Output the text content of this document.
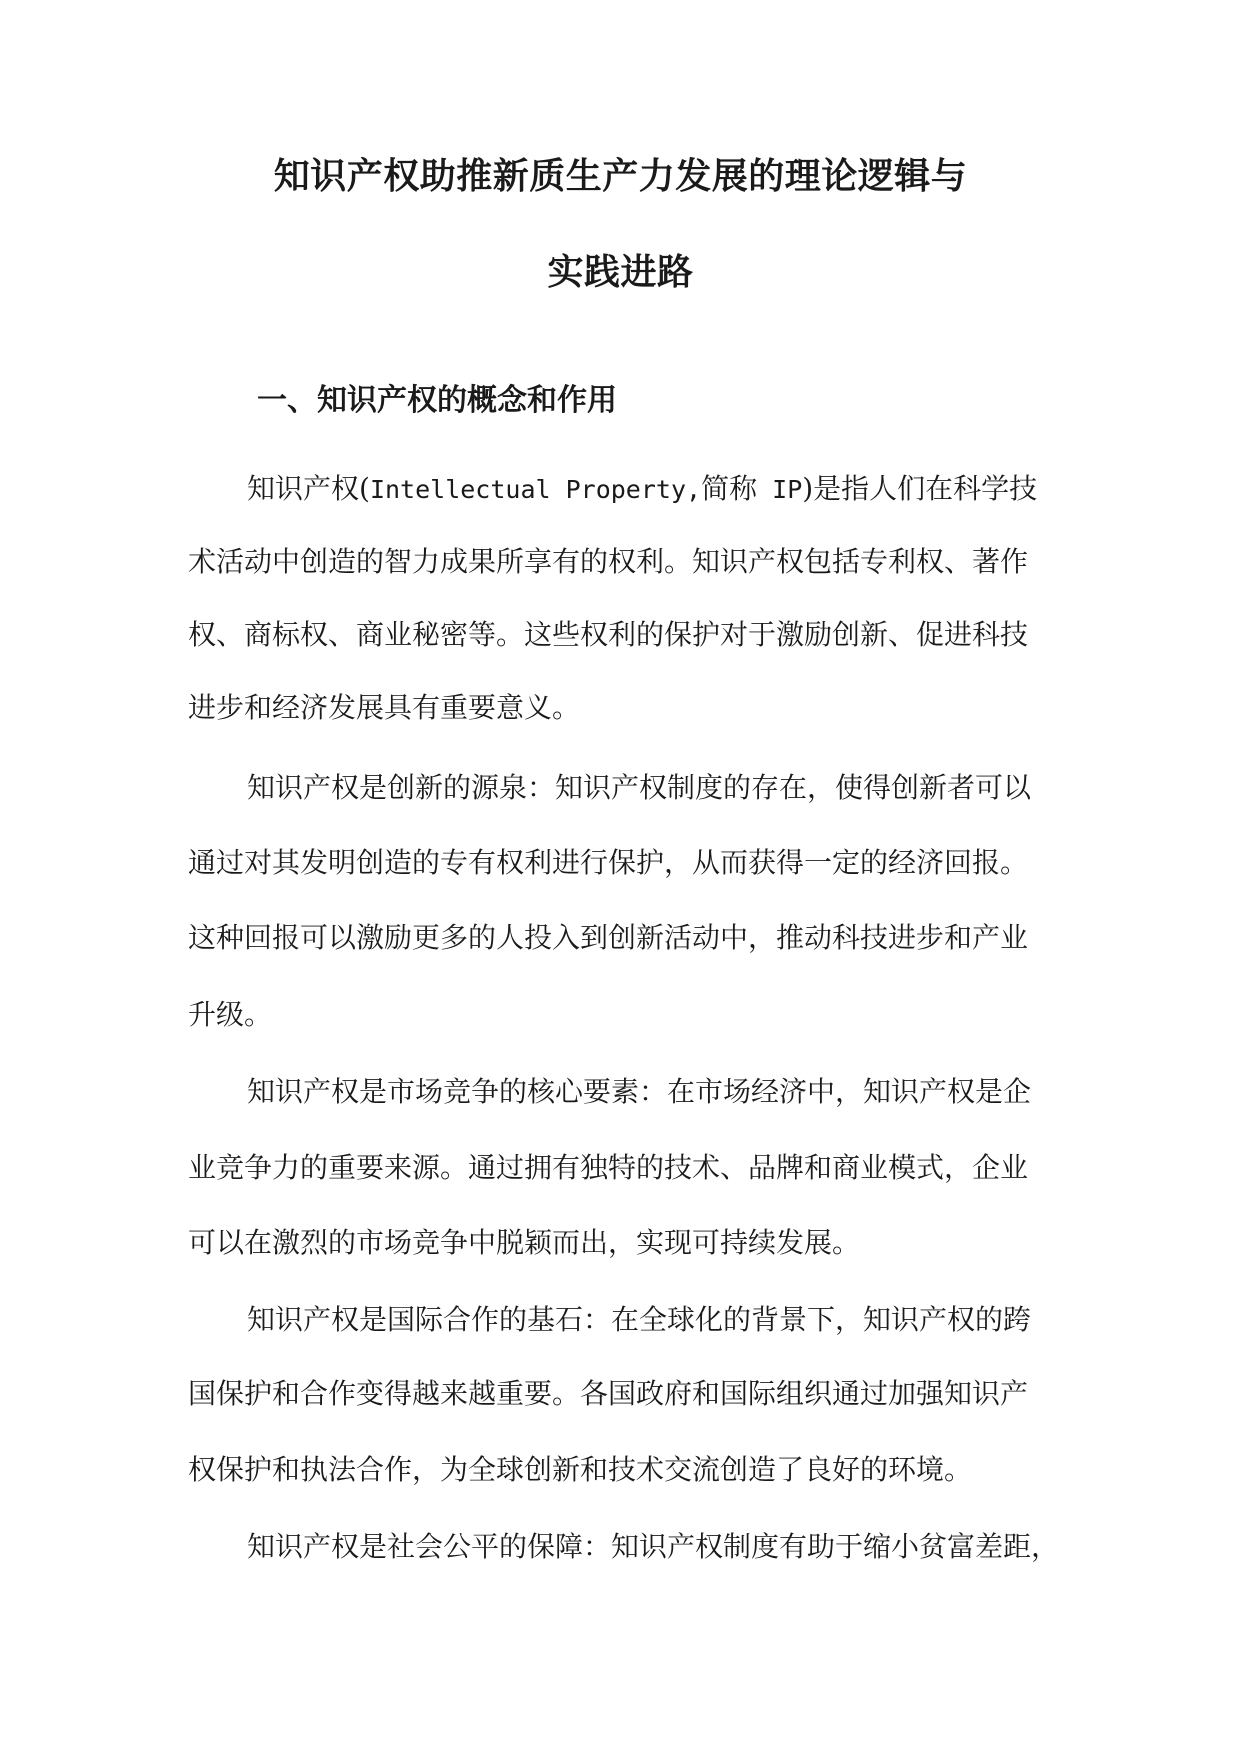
知识产权助推新质生产力发展的理论逻辑与
实践进路
一、知识产权的概念和作用
知识产权(Intellectual Property,简称 IP)是指人们在科学技
术活动中创造的智力成果所享有的权利。知识产权包括专利权、著作
权、商标权、商业秘密等。这些权利的保护对于激励创新、促进科技
进步和经济发展具有重要意义。
知识产权是创新的源泉：知识产权制度的存在，使得创新者可以
通过对其发明创造的专有权利进行保护，从而获得一定的经济回报。
这种回报可以激励更多的人投入到创新活动中，推动科技进步和产业
升级。
知识产权是市场竞争的核心要素：在市场经济中，知识产权是企
业竞争力的重要来源。通过拥有独特的技术、品牌和商业模式，企业
可以在激烈的市场竞争中脱颖而出，实现可持续发展。
知识产权是国际合作的基石：在全球化的背景下，知识产权的跨
国保护和合作变得越来越重要。各国政府和国际组织通过加强知识产
权保护和执法合作，为全球创新和技术交流创造了良好的环境。
知识产权是社会公平的保障：知识产权制度有助于缩小贫富差距，
